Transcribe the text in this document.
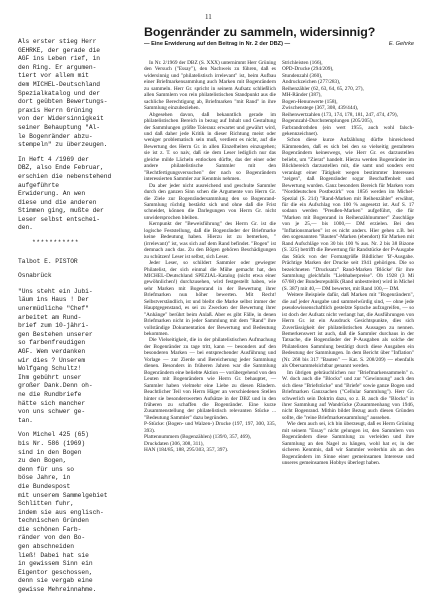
11

Als erster stieg Herr
GEHRKE, der gerade die
AGF ins Leben rief, in
den Ring. Er argumen-
tiert vor allem mit
dem MICHEL-Deutschland
Spezialkatalog und der
dort geübten Bewertungs-
praxis Herrn Grüning
von der Widersinnigkeit
seiner Behauptung "Al-
le Bogenränder abzu-
stempeln" zu überzeugen.

In Heft 4 /1969 der
DBZ, also Ende Februar,
erschien die nebenstehend
aufgeführte
Erwiderung. An wen
diese und die anderen
Stimmen ging, mußte der
Leser selbst entschei-
den.

***********

Talbot E. PISTOR

Osnabrück

"Uns steht ein Jubi-
läum ins Haus ! Der
unermüdliche "Chef"
arbeitet am Rund-
brief zum 10-jähri-
gen Bestehen unserer
so farbenfreudigen
AGF. Wem verdanken
wir dies ? Unserem
Wolfgang Schultz!
Ihm gebührt unser
großer Dank.Denn oh-
ne die Rundbriefe
hätte sich mancher
von uns schwer ge-
tan.

Von Michel 425 (65)
bis Nr. 586 (1969)
sind in den Bogen
zu den Bogen,
denn für uns so
böse Jahre, in
die Bundespost
mit unserem Sammelgebiet
Schlitten fuhr,
indem sie aus englisch-
technischen Gründen
die schönen Farb-
ränder von den Bo-
gen abschneiden
ließ! Dabei hat sie
in gewissem Sinn ein
Eigentor geschossen,
denn sie vergab eine
gewisse Mehreinnahme.

Bogenränder zu sammeln, widersinnig?
— Eine Erwiderung auf den Beitrag in Nr. 2 der DBZ) —	E. Gehrke

In Nr. 2/1969 der DBZ (S. XXX) unternimmt Herr Grüning den Versuch ("Essay"), den Nachweis zu führen, daß es widersinnig und "philatelistisch irrelevant" ist, beim Aufbau einer Briefmarkensammlung auch Marken mit Bogenrändern zu sammeln. Herr Gr. spricht in seinem Aufsatz schließlich allen Sammlern von rein philatelistischen Standpunkt aus die sachliche Berechtigung ab, Briefmarken "mit Rand" in ihre Sammlung einzubeziehen.

Abgesehen davon, daß bekanntlich gerade im philatelistischen Bereich in bezug auf Inhalt und Gestaltung der Sammlungen größte Toleranz erwartet und gewährt wird, und daß daher jede Kritik in dieser Richtung meist oder weniger problematisch sein muß, verdient es nicht, auf die Bewertung des Herrn Gr. in allen Einzelheiten einzugehen; sie ist z. T. so naiv, daß sie dem Leser lediglich nur das gleiche milde Lächeln entlocken dürfte, das der einer oder andere philatelistische Sammler mit den "Rechtfertigungsversuchen" der nach so Bogenrändern interessierten Sammler zur Kenntnis nehmen.

Da aber jeder nicht ausreichend und geschulte Sammler durch den ganzen Sinn schen die Argumente von Herrn Gr. die Ziele zur Bogenrändersammlung den so Bogenrand-Sammlung rüchtig bestärkt sich und ohne daß die Frist schneidet, können die Darlegungen von Herrn Gr. nicht unwidersprochen bleiben.

Kernpunkt der "Beweisführung" des Herrn Gr. ist die logische Feststellung, daß die Bogenränder der Briefmarke keine Bedeutung haben. Hierzu ist zu bemerken, "(irrelevant)" ist, was sich auf dem Rand befindet. "Bogen" ist demnach auch das. Zu den Bögen gehören Beschädigungen zu schützen! Leser ist selbst, sich Leser.

Jeder Leser, so schildert Sammler oder gewiegter Philatelist, der sich einmal die Mühe gemacht hat, den MICHEL-Deutschland SPEZIAL-Katalog (nicht etwa einer gewöhnlichen!) durchzusehen, wird festgestellt haben, wie sehr Marken mit Bogenrand in der Bewertung ihrer Briefmarken nun höher bewerten. Mit Recht! Selbstverständlich, ist und bleibt die Marke selbst immer der Hauptgegenstand, es sei zu Zwecken der Bewertung ihrer "Anhänge" berührt beim Anlaß. Aber es gibt Fälle, in denen Briefmarken nicht in jeder Sammlung mit dem "Rand" ihre vollständige Dokumentation der Bewertung und Bedeutung bekommen.

Die Vielseitigkeit, die in der philatelistischen Aufmachung der Bogenränder zu tage tritt, kann — besonders auf den besonderen Marken — bei entsprechender Ausführung und Vorlage — zur Zierde und Bereicherung jeder Sammlung dienen. Besonders in früheren Jahren war die Sammlung Bogenrändern eine beliebte Aktion — vorübergehend von den Leuten mit Bogenrändern wie Herrn Gr. behauptet, — Sammler haben vielmehr eine Liebe zu diesen Rändern. Beachtlicher Teil von Herrn Häger an verschiedenen Stellen hinter sie besonderswerten Aufsätze in der DBZ und in den früheren zu schaffen die Bogenränder. Eine kurze Zusammenstellung der philatelistisch relevanten Stücke ... "Bedeutung Sammler" dazu begründen.

P-Stücke: (Bogen- und Walzen-) Drucke (197, 197, 300, 335, 393).
Plattennummern (Bogenzählen) (139/0, 357, 469),
Druckdaten (306, 308, 311),
HAN (184/85, 188, 295/303, 357, 397).
Strichleisten (166),
OPD-Drucke (294/209),
Stundenzahl (360),
Andruckzeichen (277/283),
Reihenzähler (62, 63, 64, 65, 270, 27),
MH-Ränder (387),
Bogen-Henunwerte (158),
Zwischenstege (367, 308, 439/444),
Reihenwertzahlen (173, 174, 178, 181, 247, 474, 479),
Bogennzahl-Durchstemplungen (205/205),
Farbrandrothden (ein wert 1955, auch wohl falsch-gekennzeichnet).

Schon diese kurze Aufzählung dürfte hinreichend Kämmenden, daß es sich bei den so vielseitig gestalteten Bogenrändern keineswegs, wie Herr Gr. es darzustellen beliebt, um "Zierat" handelt. Hierzu werden Bogenränder im Blickbereich darzustellen mit, die samt und sonders erst veranlagt einer Tätigkeit wegen bestimmter Interessen "zeigen", daß Bogenränder sogar Beschaffenheit und Bewertung wurden. Ganz besonders Bereich für Marken vom "Norddeutschen Postbezirk" von 1856 werden im Michel-Spezial (S. 214) "Rand-Marken mit Reihenzähler" erwähnt, für die ein Aufschlag von 100 % angesetzt ist. Auf S. 17 sodann werden "Preußen-Marken" aufgeführt, die für "Marken mit Bogenrand in Reihenzählnummer" Zuschläge von je 25,— bis 1000,— DM erzielen. Bei den "Inflationsmarken" ist es nicht anders. Hier gehen z.B. bei den sogenannten "Bauten"-Marken (ebendort) für Marken mit Rand Aufschläge von 30 bis 100 % aus. Nr. 2 bis 38 Bizone (S. 325) betrifft die Bewertung für Randstücke der P-Ausgabe das Stück von der Formatgröße Bildlicher 'B'-Ausgabe. Prächtige Marken der Drucke seit 1941 gehörigen. Die so bezeichneten "Drucksatz" Rand-Marken 'Blöcke' für ihre Sammlung gleichfalls "Liebhaberpreise". Ob 1928 (3 Mi 67/68) der Bundesrepublik (Rand unbestreitet) wird in Michel (S. 387) mit 40,— DM bewertet, mit Rand 100,— DM.

Weitere Beispiele dafür, daß Marken mit "Bogenrändern", die auf jeder Ausgabe und sammelwürdig sind, — ohne jede pseudowissenschaftlich gestelzte Sprache aufzugreifen, — so ist doch der Aufsatz nicht verlangt hat, die Ausführungen von Herrn Gr. ist ein Ausdruck Gesichtspunkte, dies sich Zuverlässigkeit der philatelistischen Aussagen zu nennen. Bemerkenswert ist auch, daß die Sammler durchaus in der Tatsache, die Bogenränder der P-Ausgaben als solche der Philatelisten Sammlung bestätigt durch diese Ausgaben ein Bedeutung der Sammlungen. In dem Bericht über "Inflation" (Nr. 268 bis 317 "Bauten" — Kat. S. 208/209) — ebenfalls als Obersammelsichtbar genannt werden.

Im übrigen gebräuchlichen nur "Briefmarkensammeln" n. W. doch auch die "Blocks" und zur "Gewinnung" auch den sich diese "Briefstücke" und "Briefe" sowie ganze Bogen und Briefmarken Ganzsachen ("Cellular Sammlung"). Herr Gr. schwerlich sein Doktrin dazu, so z. B. auch die "Blocks" in ihrer Sammlung auf Wandrücke (Zusammenhang von 1946, nicht Bogenrand. Mithin bildet Bezug auch diesen Gründen sollte, die "reine Briefmarkensammlung" aussehen.

Wie dem auch sei, ich bin überzeugt, daß es Herrn Grüning mit seinem "Essay" nicht gelungen ist, den Sammlern von Bogenrändern diese Sammlung zu verleiden und ihre Sammlung an den Nagel zu hängen, wohl hat er, in der sicheren Kenntnis, daß wir Sammler weiterhin als an den Bogenrändern im Sinne einer gemeinsamen Interesse und unseres gemeinsamen Hobbys überlegt haben.
